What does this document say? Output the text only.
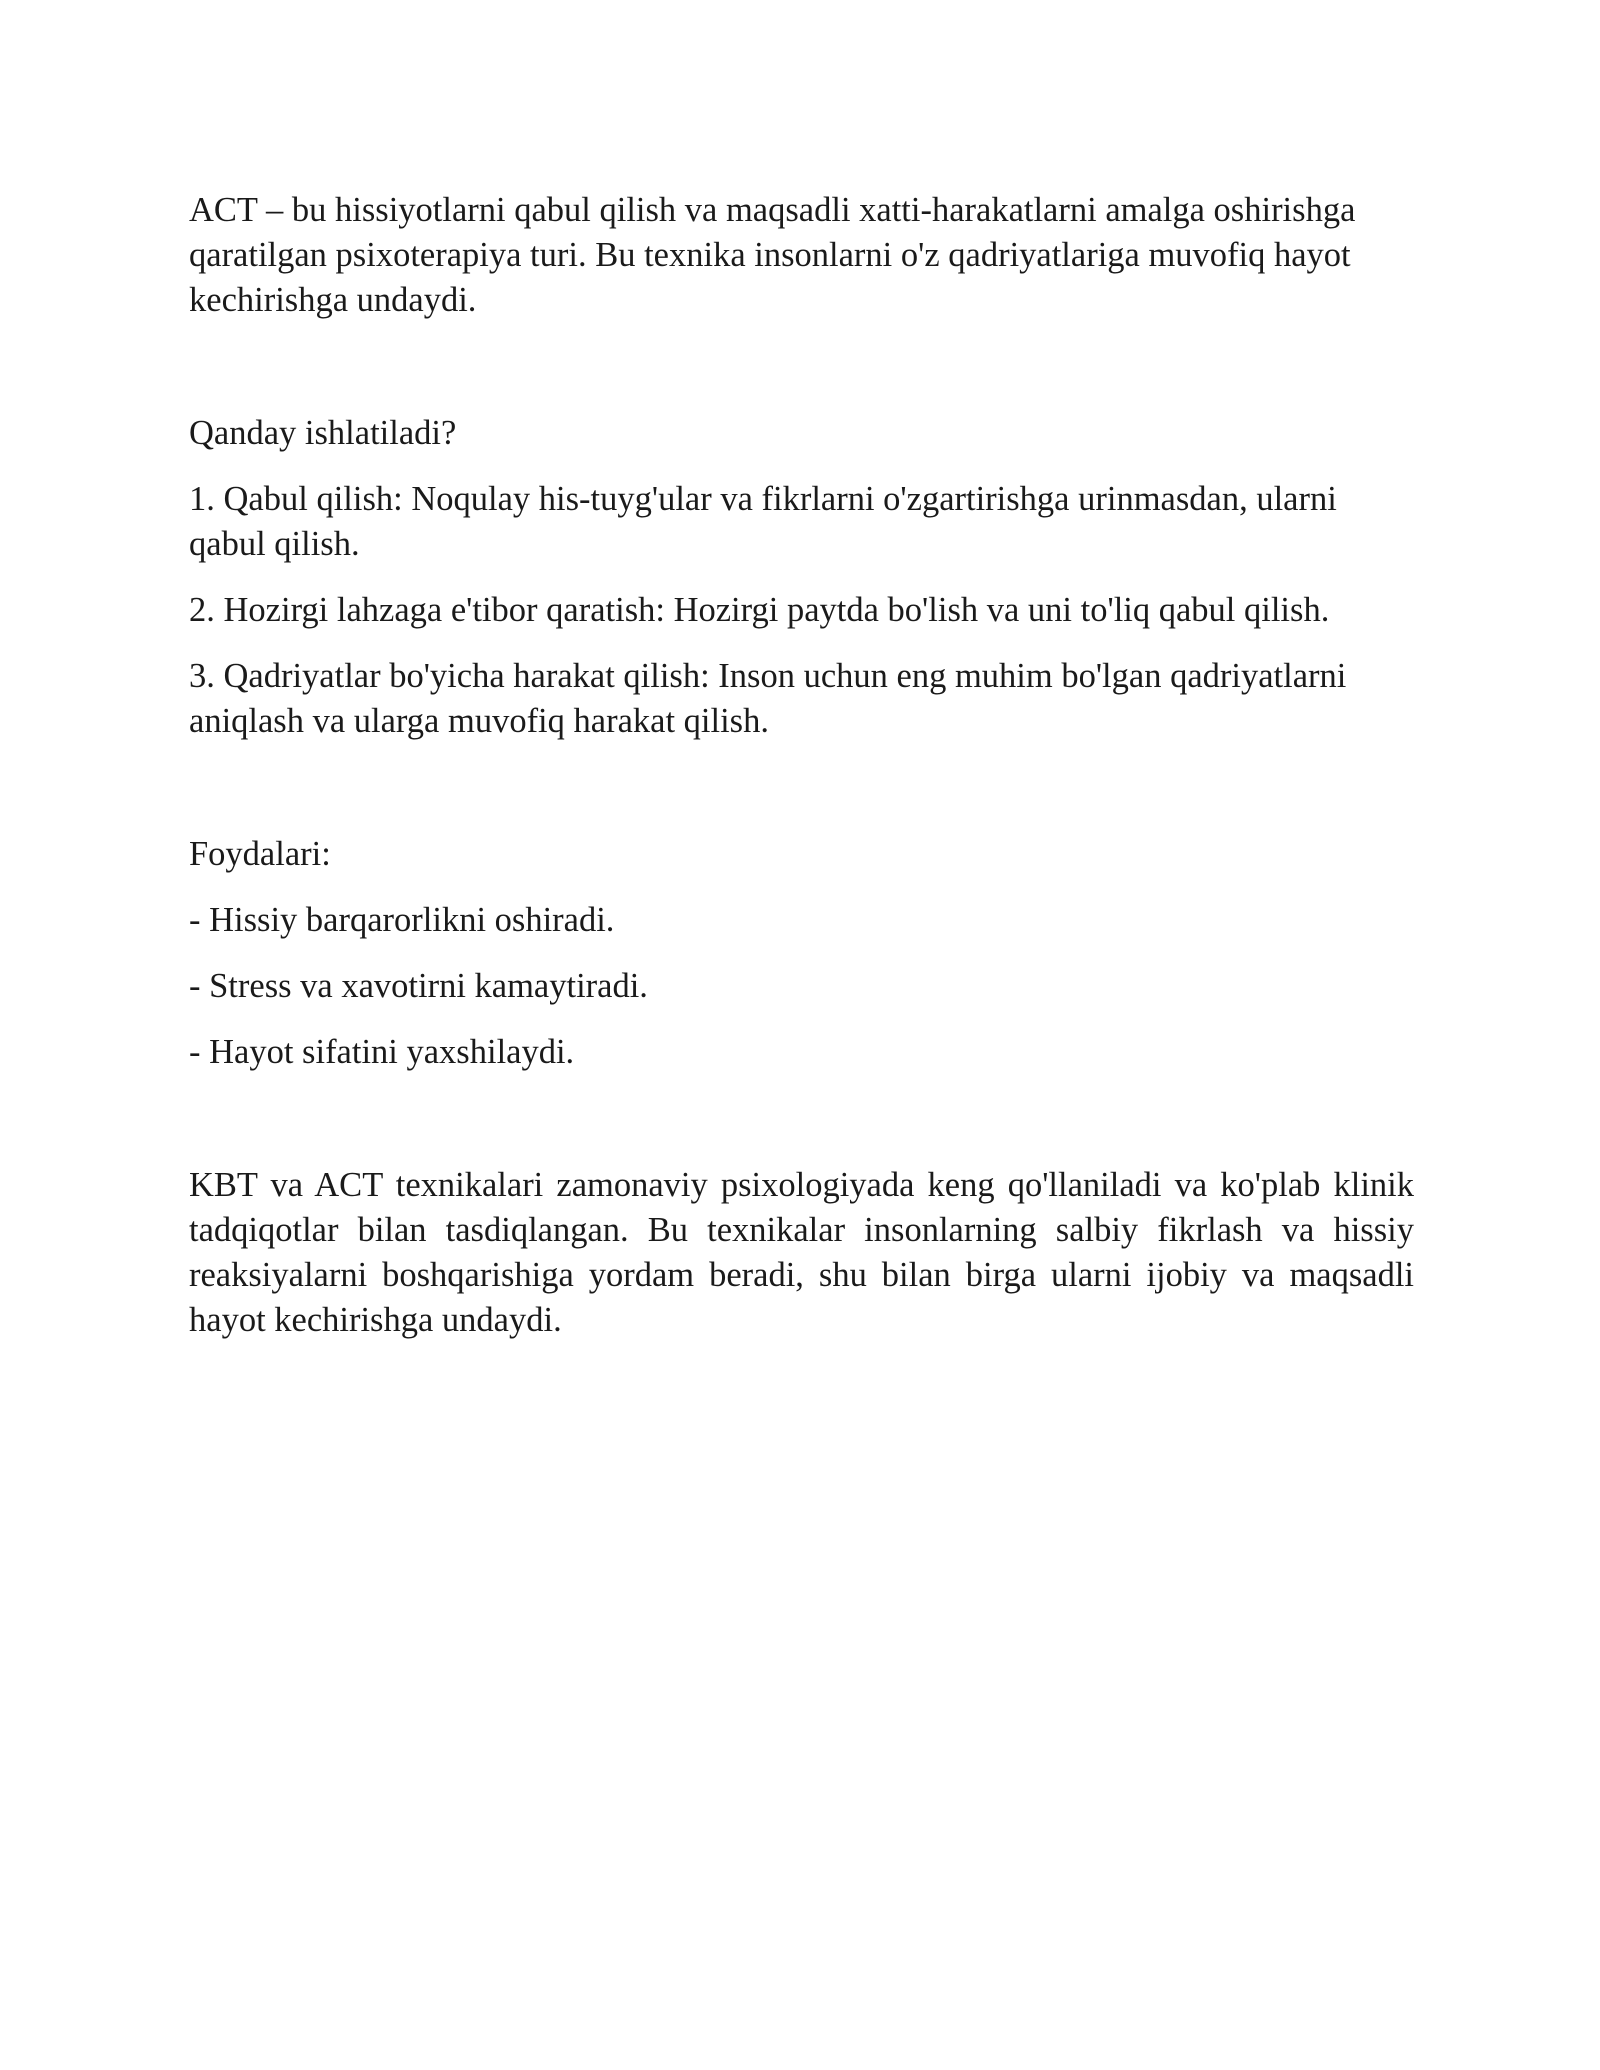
ACT – bu hissiyotlarni qabul qilish va maqsadli xatti-harakatlarni amalga oshirishga qaratilgan psixoterapiya turi. Bu texnika insonlarni o'z qadriyatlariga muvofiq hayot kechirishga undaydi.

Qanday ishlatiladi?

1. Qabul qilish: Noqulay his-tuyg'ular va fikrlarni o'zgartirishga urinmasdan, ularni qabul qilish.

2. Hozirgi lahzaga e'tibor qaratish: Hozirgi paytda bo'lish va uni to'liq qabul qilish.

3. Qadriyatlar bo'yicha harakat qilish: Inson uchun eng muhim bo'lgan qadriyatlarni aniqlash va ularga muvofiq harakat qilish.

Foydalari:

- Hissiy barqarorlikni oshiradi.

- Stress va xavotirni kamaytiradi.

- Hayot sifatini yaxshilaydi.

KBT va ACT texnikalari zamonaviy psixologiyada keng qo'llaniladi va ko'plab klinik tadqiqotlar bilan tasdiqlangan. Bu texnikalar insonlarning salbiy fikrlash va hissiy reaksiyalarni boshqarishiga yordam beradi, shu bilan birga ularni ijobiy va maqsadli hayot kechirishga undaydi.
